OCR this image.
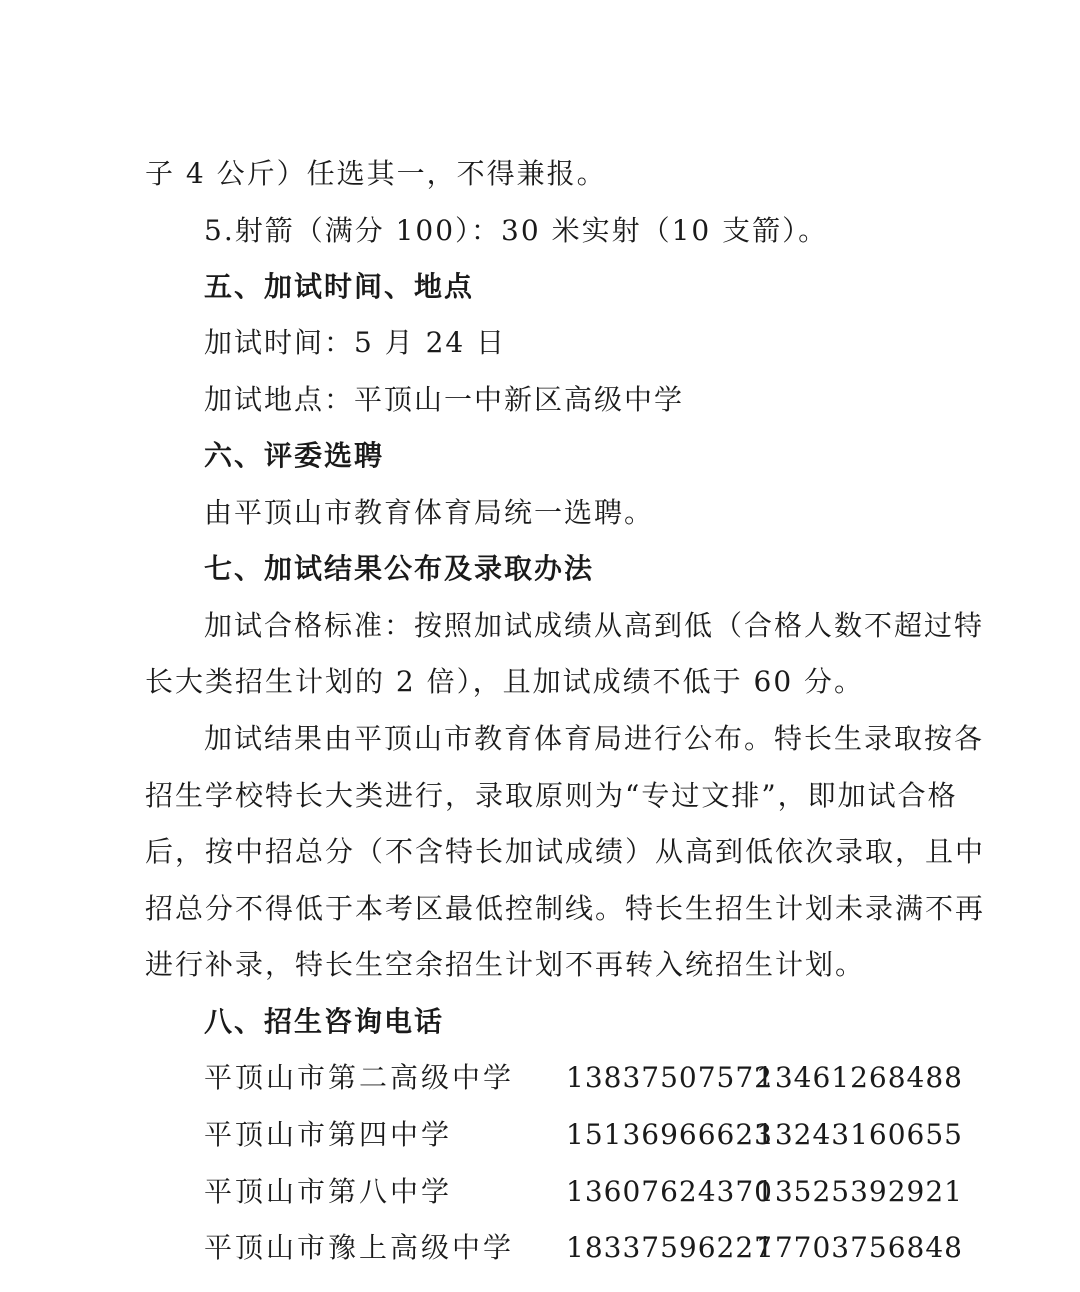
子 4 公斤）任选其一，不得兼报。
5.射箭（满分 100）：30 米实射（10 支箭）。
五、加试时间、地点
加试时间：5 月 24 日
加试地点：平顶山一中新区高级中学
六、评委选聘
由平顶山市教育体育局统一选聘。
七、加试结果公布及录取办法
加试合格标准：按照加试成绩从高到低（合格人数不超过特
长大类招生计划的 2 倍），且加试成绩不低于 60 分。
加试结果由平顶山市教育体育局进行公布。特长生录取按各
招生学校特长大类进行，录取原则为“专过文排”，即加试合格
后，按中招总分（不含特长加试成绩）从高到低依次录取，且中
招总分不得低于本考区最低控制线。特长生招生计划未录满不再
进行补录，特长生空余招生计划不再转入统招生计划。
八、招生咨询电话
平顶山市第二高级中学 13837507572
13461268488
平顶山市第四中学	15136966623
13243160655
平顶山市第八中学	13607624370
13525392921
平顶山市豫上高级中学 18337596227
17703756848
